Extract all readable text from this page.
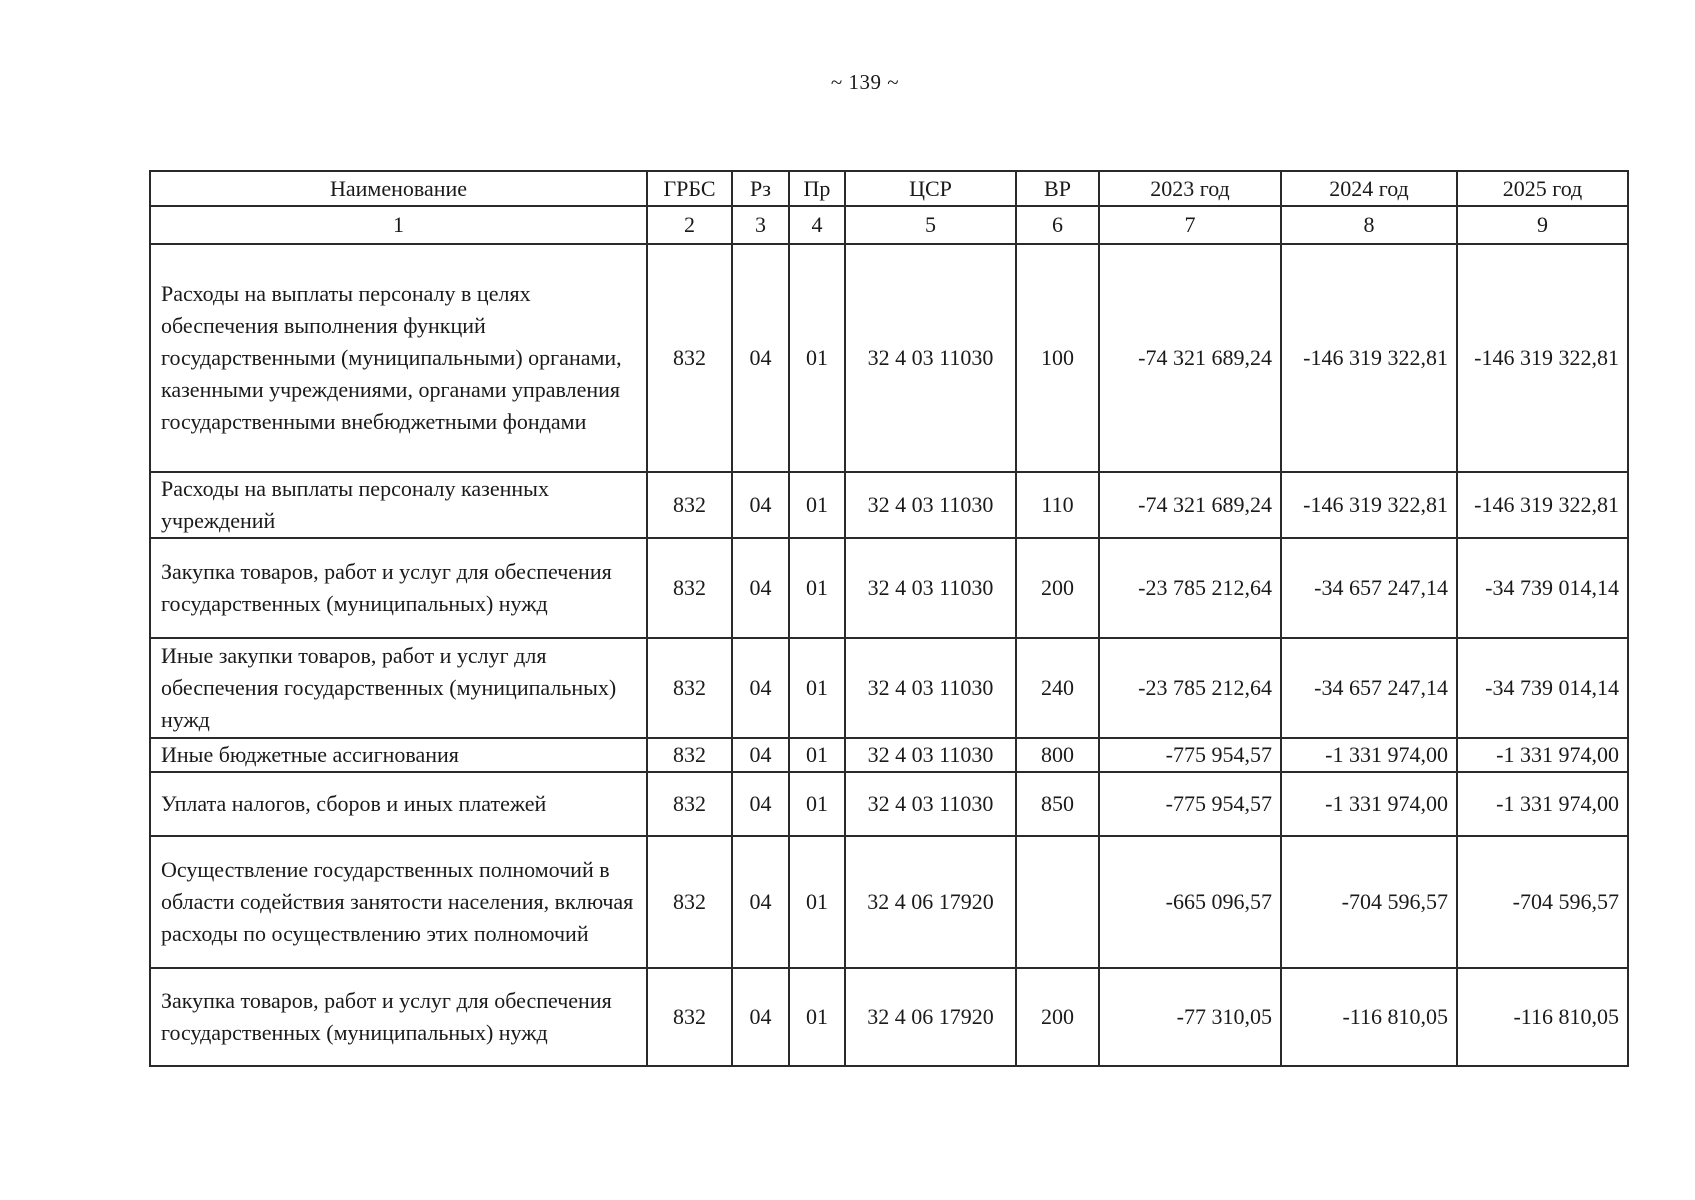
~ 139 ~
Наименование	ГРБС	Рз	Пр	ЦСР	ВР	2023 год	2024 год	2025 год
1	2	3	4	5	6	7	8	9
Расходы на выплаты персоналу в целях обеспечения выполнения функций государственными (муниципальными) органами, казенными учреждениями, органами управления государственными внебюджетными фондами	832	04	01	32 4 03 11030	100	-74 321 689,24	-146 319 322,81	-146 319 322,81
Расходы на выплаты персоналу казенных учреждений	832	04	01	32 4 03 11030	110	-74 321 689,24	-146 319 322,81	-146 319 322,81
Закупка товаров, работ и услуг для обеспечения государственных (муниципальных) нужд	832	04	01	32 4 03 11030	200	-23 785 212,64	-34 657 247,14	-34 739 014,14
Иные закупки товаров, работ и услуг для обеспечения государственных (муниципальных) нужд	832	04	01	32 4 03 11030	240	-23 785 212,64	-34 657 247,14	-34 739 014,14
Иные бюджетные ассигнования	832	04	01	32 4 03 11030	800	-775 954,57	-1 331 974,00	-1 331 974,00
Уплата налогов, сборов и иных платежей	832	04	01	32 4 03 11030	850	-775 954,57	-1 331 974,00	-1 331 974,00
Осуществление государственных полномочий в области содействия занятости населения, включая расходы по осуществлению этих полномочий	832	04	01	32 4 06 17920		-665 096,57	-704 596,57	-704 596,57
Закупка товаров, работ и услуг для обеспечения государственных (муниципальных) нужд	832	04	01	32 4 06 17920	200	-77 310,05	-116 810,05	-116 810,05
